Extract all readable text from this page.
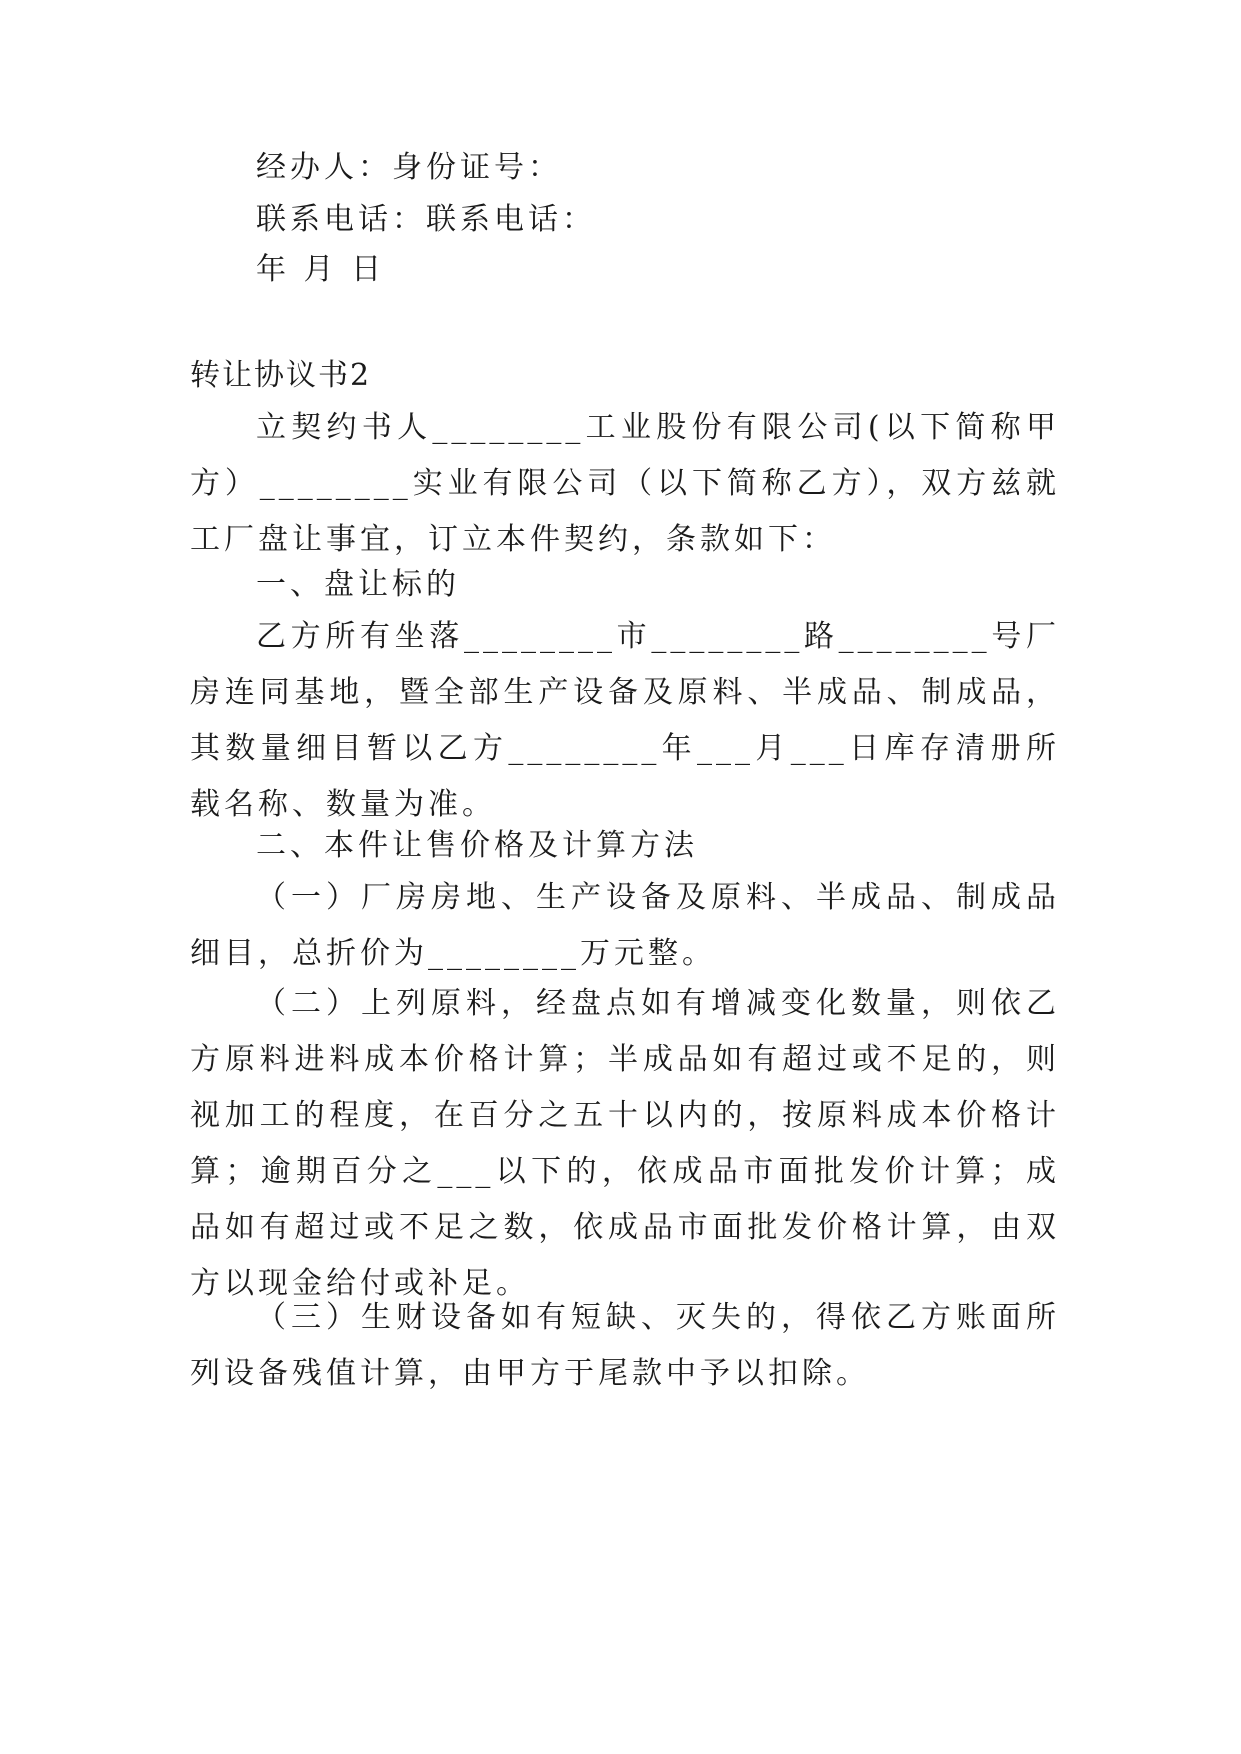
经办人：身份证号：
联系电话：联系电话：
年 月 日
转让协议书2
立契约书人________工业股份有限公司(以下简称甲方）________实业有限公司（以下简称乙方），双方兹就工厂盘让事宜，订立本件契约，条款如下：
一、盘让标的
乙方所有坐落________市________路________号厂房连同基地，暨全部生产设备及原料、半成品、制成品，其数量细目暂以乙方________年___月___日库存清册所载名称、数量为准。
二、本件让售价格及计算方法
（一）厂房房地、生产设备及原料、半成品、制成品细目，总折价为________万元整。
（二）上列原料，经盘点如有增减变化数量，则依乙方原料进料成本价格计算；半成品如有超过或不足的，则视加工的程度，在百分之五十以内的，按原料成本价格计算；逾期百分之___以下的，依成品市面批发价计算；成品如有超过或不足之数，依成品市面批发价格计算，由双方以现金给付或补足。
（三）生财设备如有短缺、灭失的，得依乙方账面所列设备残值计算，由甲方于尾款中予以扣除。
